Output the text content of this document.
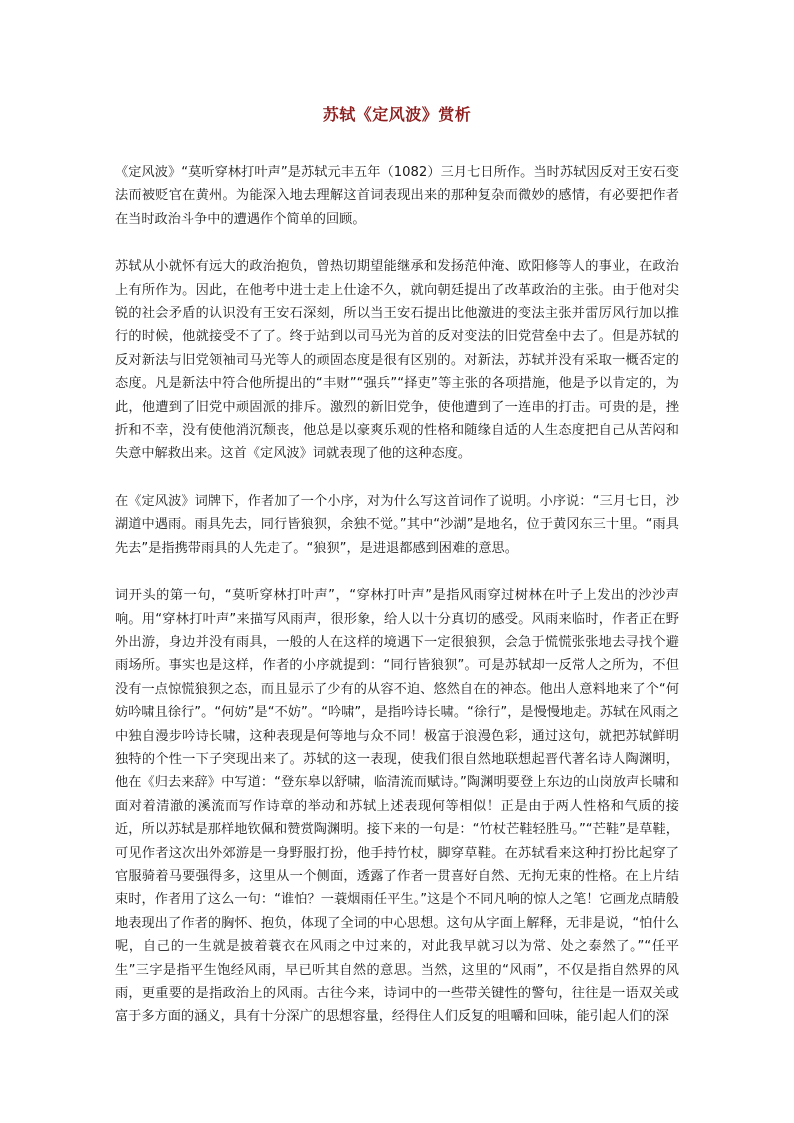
苏轼《定风波》赏析

《定风波》“莫听穿林打叶声”是苏轼元丰五年（1082）三月七日所作。当时苏轼因反对王安石变法而被贬官在黄州。为能深入地去理解这首词表现出来的那种复杂而微妙的感情，有必要把作者在当时政治斗争中的遭遇作个简单的回顾。

苏轼从小就怀有远大的政治抱负，曾热切期望能继承和发扬范仲淹、欧阳修等人的事业，在政治上有所作为。因此，在他考中进士走上仕途不久，就向朝廷提出了改革政治的主张。由于他对尖锐的社会矛盾的认识没有王安石深刻，所以当王安石提出比他激进的变法主张并雷厉风行加以推行的时候，他就接受不了了。终于站到以司马光为首的反对变法的旧党营垒中去了。但是苏轼的反对新法与旧党领袖司马光等人的顽固态度是很有区别的。对新法，苏轼并没有采取一概否定的态度。凡是新法中符合他所提出的“丰财”“强兵”“择吏”等主张的各项措施，他是予以肯定的，为此，他遭到了旧党中顽固派的排斥。激烈的新旧党争，使他遭到了一连串的打击。可贵的是，挫折和不幸，没有使他消沉颓丧，他总是以豪爽乐观的性格和随缘自适的人生态度把自己从苦闷和失意中解救出来。这首《定风波》词就表现了他的这种态度。

在《定风波》词牌下，作者加了一个小序，对为什么写这首词作了说明。小序说：“三月七日，沙湖道中遇雨。雨具先去，同行皆狼狈，余独不觉。”其中“沙湖”是地名，位于黄冈东三十里。“雨具先去”是指携带雨具的人先走了。“狼狈”，是进退都感到困难的意思。

词开头的第一句，“莫听穿林打叶声”，“穿林打叶声”是指风雨穿过树林在叶子上发出的沙沙声响。用“穿林打叶声”来描写风雨声，很形象，给人以十分真切的感受。风雨来临时，作者正在野外出游，身边并没有雨具，一般的人在这样的境遇下一定很狼狈，会急于慌慌张张地去寻找个避雨场所。事实也是这样，作者的小序就提到：“同行皆狼狈”。可是苏轼却一反常人之所为，不但没有一点惊慌狼狈之态，而且显示了少有的从容不迫、悠然自在的神态。他出人意料地来了个“何妨吟啸且徐行”。“何妨”是“不妨”。“吟啸”，是指吟诗长啸。“徐行”，是慢慢地走。苏轼在风雨之中独自漫步吟诗长啸，这种表现是何等地与众不同！极富于浪漫色彩，通过这句，就把苏轼鲜明独特的个性一下子突现出来了。苏轼的这一表现，使我们很自然地联想起晋代著名诗人陶渊明，他在《归去来辞》中写道：“登东皋以舒啸，临清流而赋诗。”陶渊明要登上东边的山岗放声长啸和面对着清澈的溪流而写作诗章的举动和苏轼上述表现何等相似！正是由于两人性格和气质的接近，所以苏轼是那样地钦佩和赞赏陶渊明。接下来的一句是：“竹杖芒鞋轻胜马。”“芒鞋”是草鞋，可见作者这次出外郊游是一身野服打扮，他手持竹杖，脚穿草鞋。在苏轼看来这种打扮比起穿了官服骑着马要强得多，这里从一个侧面，透露了作者一贯喜好自然、无拘无束的性格。在上片结束时，作者用了这么一句：“谁怕？一蓑烟雨任平生。”这是个不同凡响的惊人之笔！它画龙点睛般地表现出了作者的胸怀、抱负，体现了全词的中心思想。这句从字面上解释，无非是说，“怕什么呢，自己的一生就是披着蓑衣在风雨之中过来的，对此我早就习以为常、处之泰然了。”“任平生”三字是指平生饱经风雨，早已听其自然的意思。当然，这里的“风雨”，不仅是指自然界的风雨，更重要的是指政治上的风雨。古往今来，诗词中的一些带关键性的警句，往往是一语双关或富于多方面的涵义，具有十分深广的思想容量，经得住人们反复的咀嚼和回味，能引起人们的深
